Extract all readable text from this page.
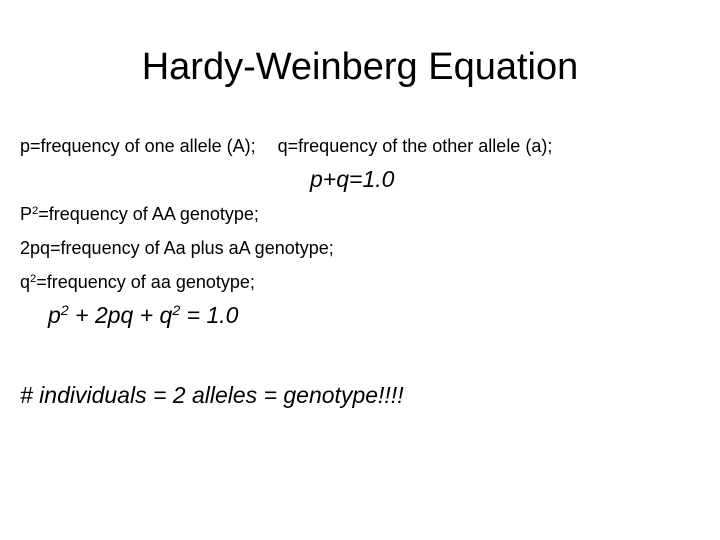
Hardy-Weinberg Equation
p=frequency of one allele (A); q=frequency of the other allele (a);
p+q=1.0
$P^2=frequency$ of AA genotype;
2pq=frequency of Aa plus aA genotype;
$q^2=frequency$ of aa genotype;
$p^2 + 2pq + q^2 = 1.0$
# individuals = 2 alleles = genotype!!!!
